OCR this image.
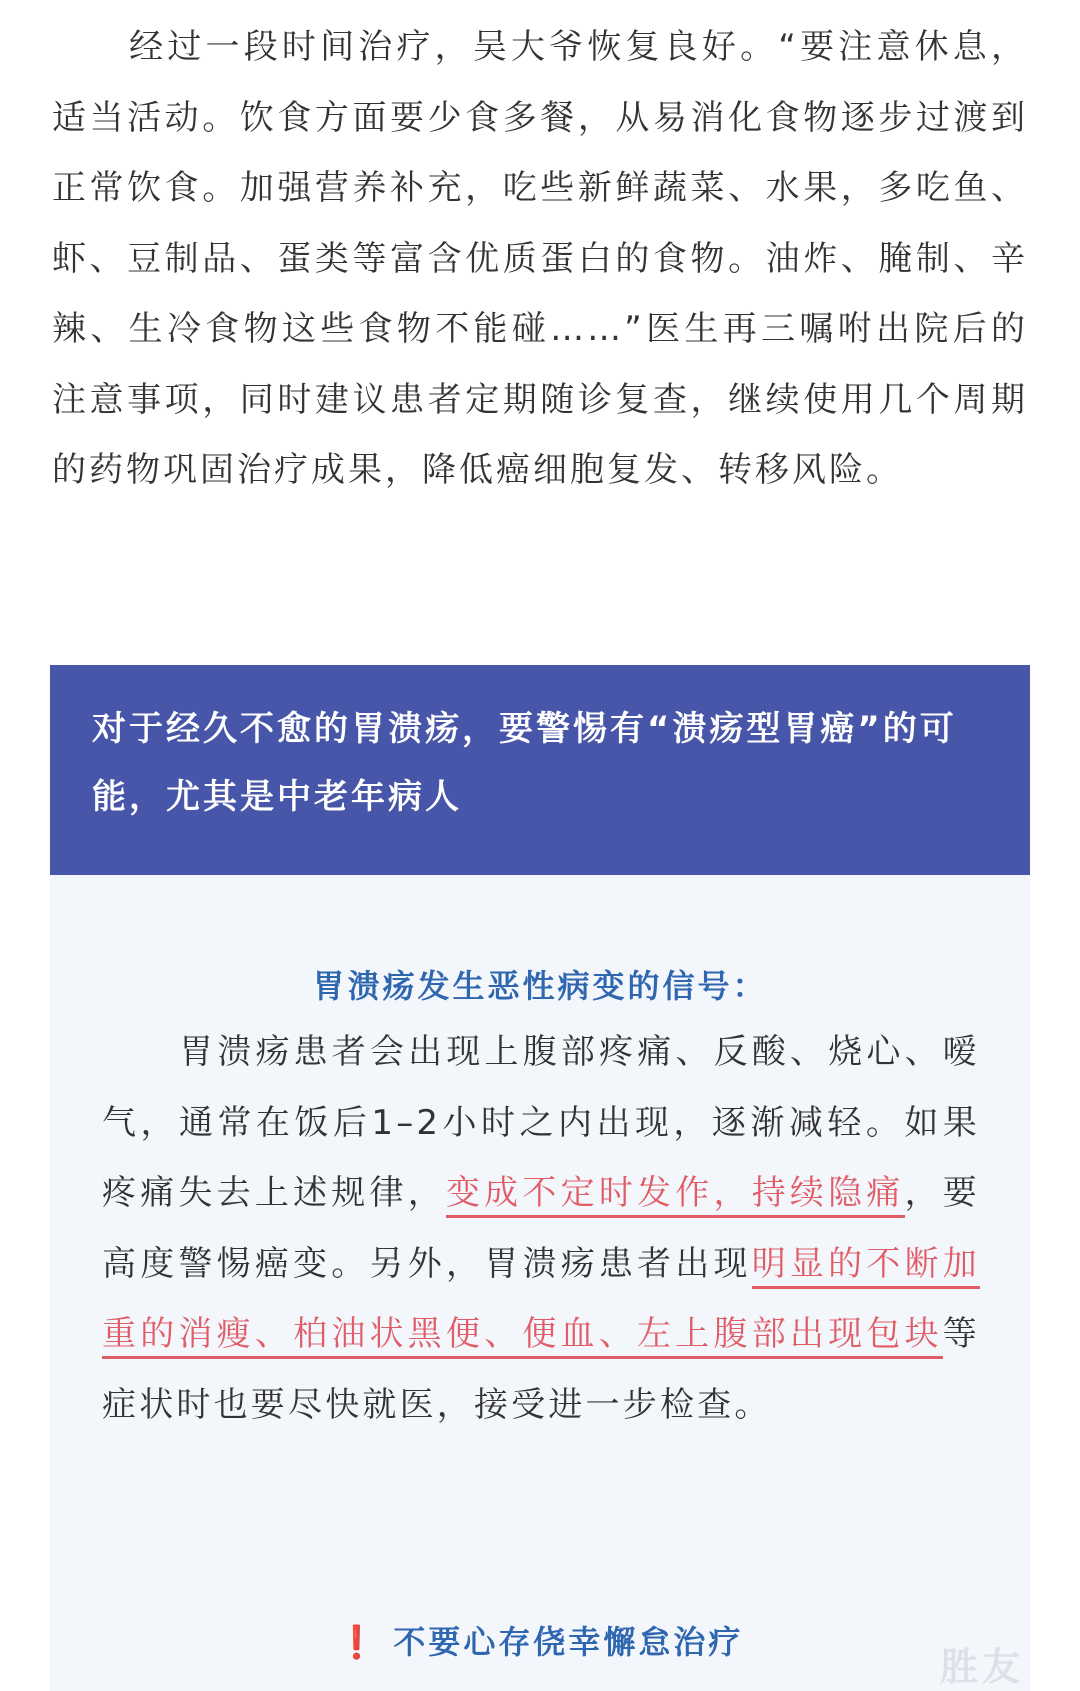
经过一段时间治疗，吴大爷恢复良好。“要注意休息，适当活动。饮食方面要少食多餐，从易消化食物逐步过渡到正常饮食。加强营养补充，吃些新鲜蔬菜、水果，多吃鱼、虾、豆制品、蛋类等富含优质蛋白的食物。油炸、腌制、辛辣、生冷食物这些食物不能碰……”医生再三嘱咐出院后的注意事项，同时建议患者定期随诊复查，继续使用几个周期的药物巩固治疗成果，降低癌细胞复发、转移风险。

对于经久不愈的胃溃疡，要警惕有“溃疡型胃癌”的可能，尤其是中老年病人

胃溃疡发生恶性病变的信号：

胃溃疡患者会出现上腹部疼痛、反酸、烧心、嗳气，通常在饭后1–2小时之内出现，逐渐减轻。如果疼痛失去上述规律，变成不定时发作，持续隐痛，要高度警惕癌变。另外，胃溃疡患者出现明显的不断加重的消瘦、柏油状黑便、便血、左上腹部出现包块等症状时也要尽快就医，接受进一步检查。

❗ 不要心存侥幸懈怠治疗

胜友
